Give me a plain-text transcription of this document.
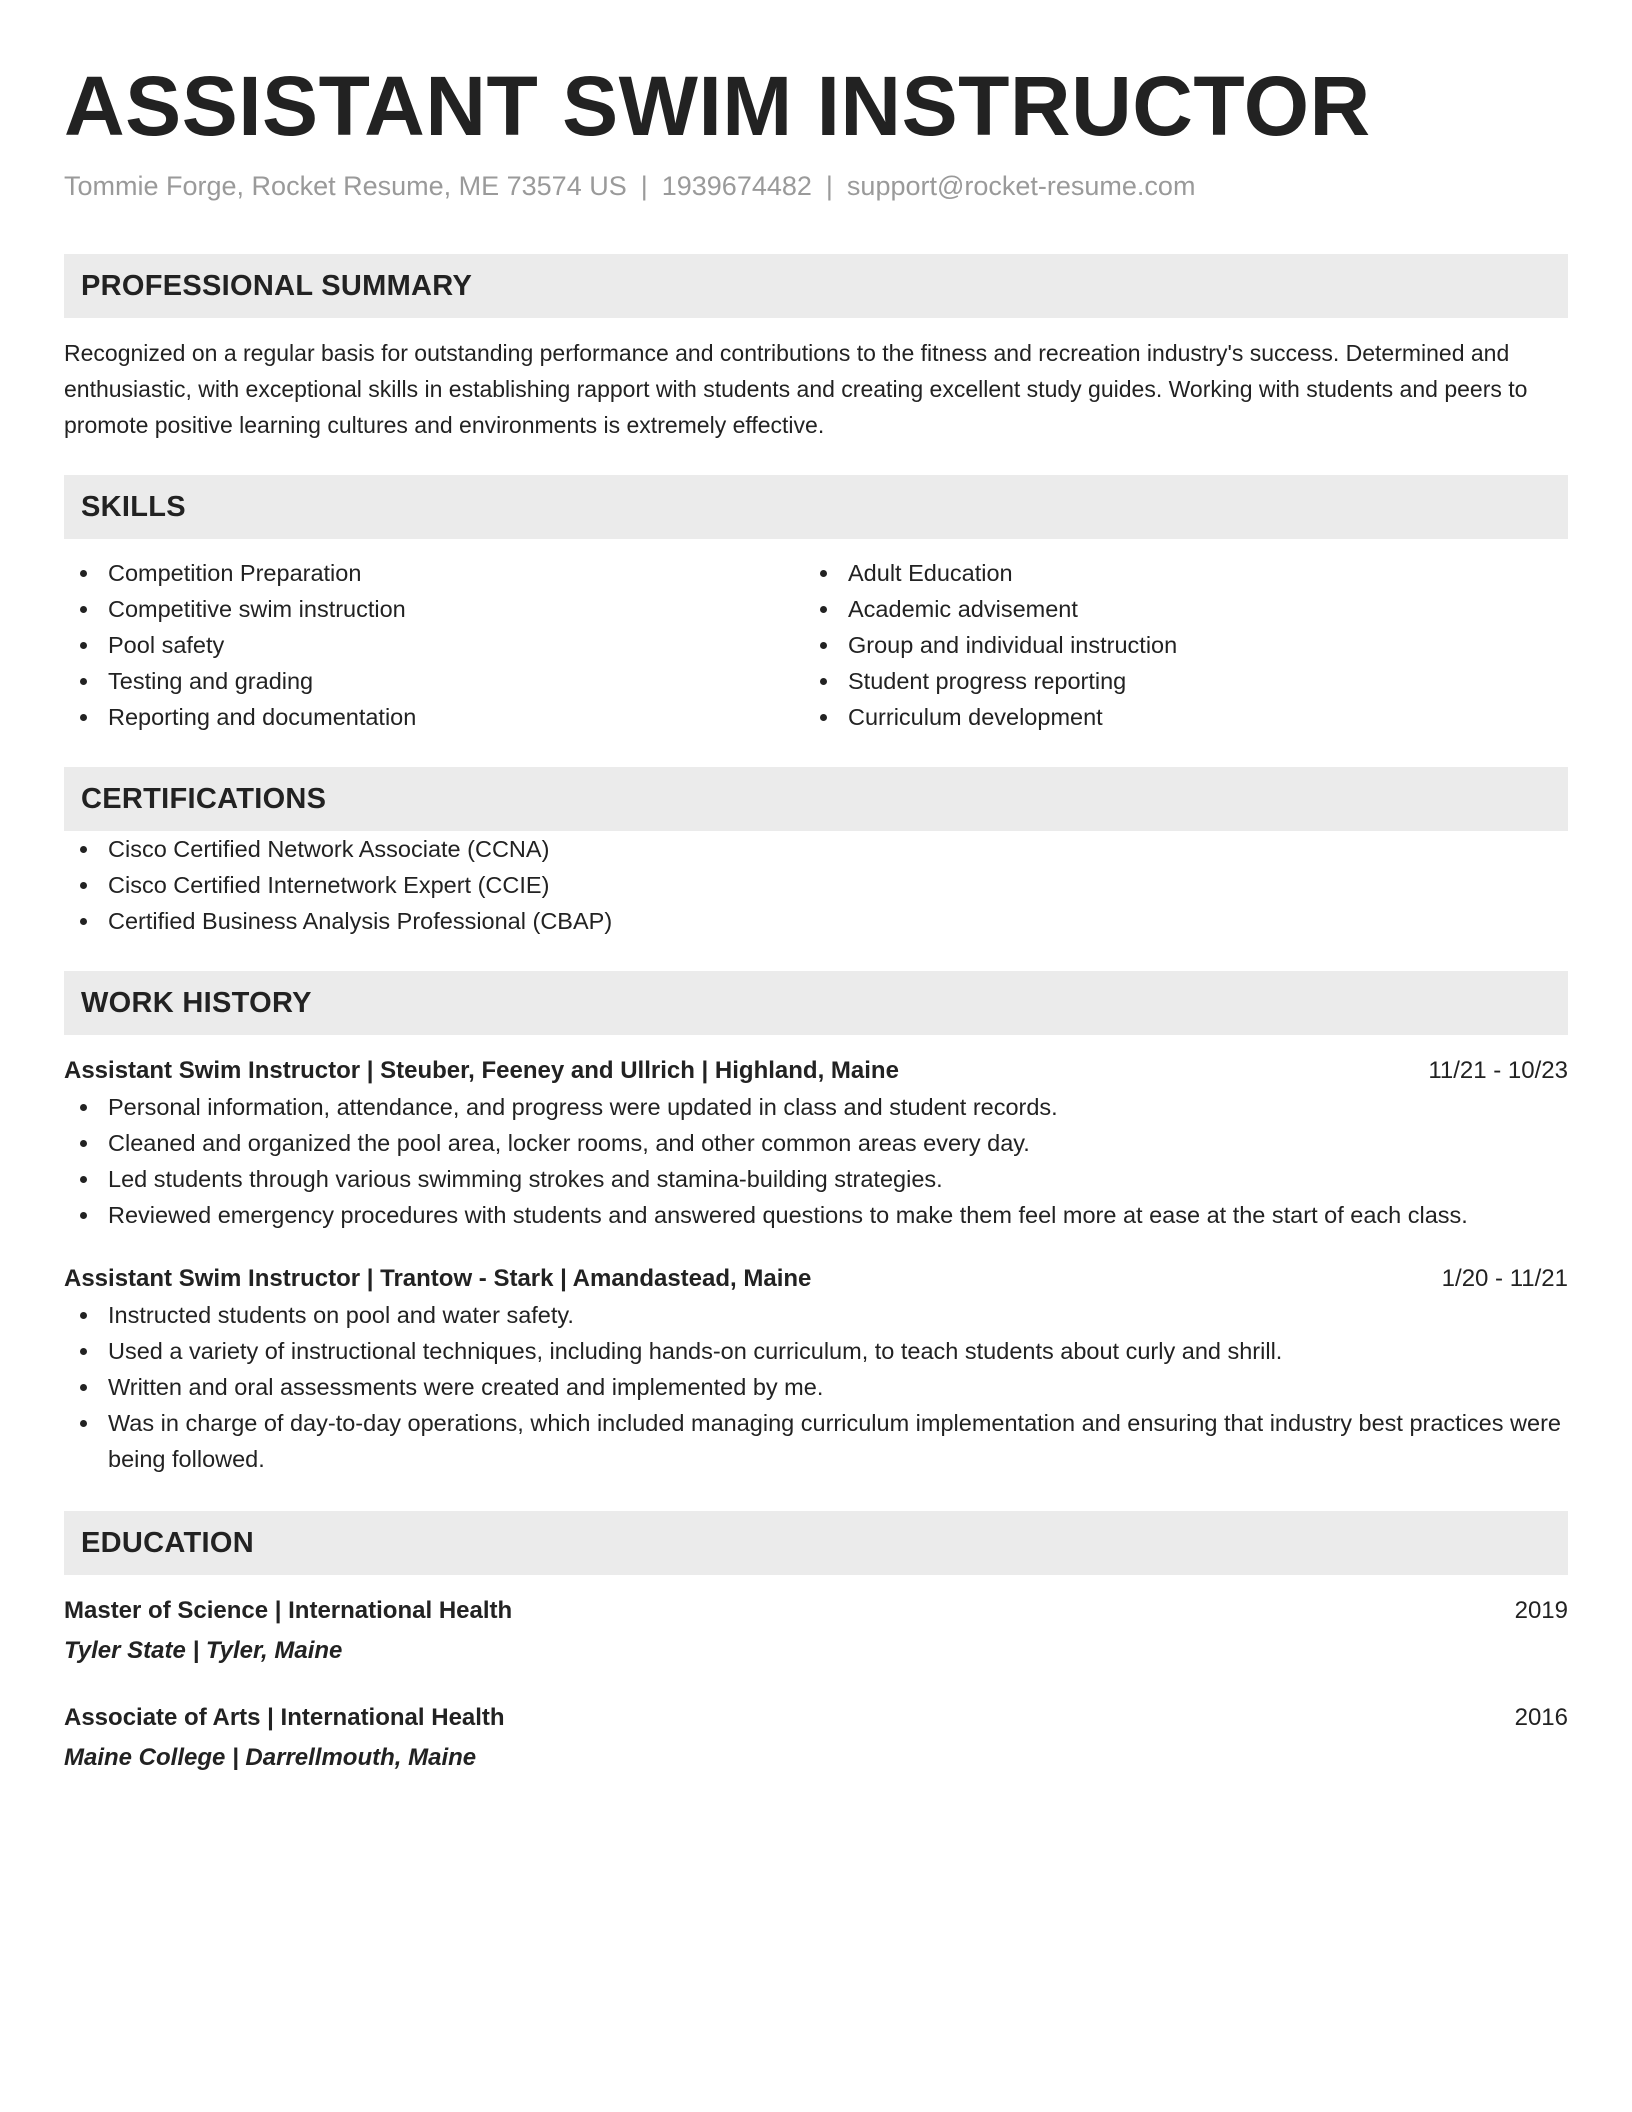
ASSISTANT SWIM INSTRUCTOR
Tommie Forge, Rocket Resume, ME 73574 US | 1939674482 | support@rocket-resume.com
PROFESSIONAL SUMMARY
Recognized on a regular basis for outstanding performance and contributions to the fitness and recreation industry's success. Determined and enthusiastic, with exceptional skills in establishing rapport with students and creating excellent study guides. Working with students and peers to promote positive learning cultures and environments is extremely effective.
SKILLS
Competition Preparation
Competitive swim instruction
Pool safety
Testing and grading
Reporting and documentation
Adult Education
Academic advisement
Group and individual instruction
Student progress reporting
Curriculum development
CERTIFICATIONS
Cisco Certified Network Associate (CCNA)
Cisco Certified Internetwork Expert (CCIE)
Certified Business Analysis Professional (CBAP)
WORK HISTORY
Assistant Swim Instructor | Steuber, Feeney and Ullrich | Highland, Maine	11/21 - 10/23
Personal information, attendance, and progress were updated in class and student records.
Cleaned and organized the pool area, locker rooms, and other common areas every day.
Led students through various swimming strokes and stamina-building strategies.
Reviewed emergency procedures with students and answered questions to make them feel more at ease at the start of each class.
Assistant Swim Instructor | Trantow - Stark | Amandastead, Maine	1/20 - 11/21
Instructed students on pool and water safety.
Used a variety of instructional techniques, including hands-on curriculum, to teach students about curly and shrill.
Written and oral assessments were created and implemented by me.
Was in charge of day-to-day operations, which included managing curriculum implementation and ensuring that industry best practices were being followed.
EDUCATION
Master of Science | International Health	2019
Tyler State | Tyler, Maine
Associate of Arts | International Health	2016
Maine College | Darrellmouth, Maine
